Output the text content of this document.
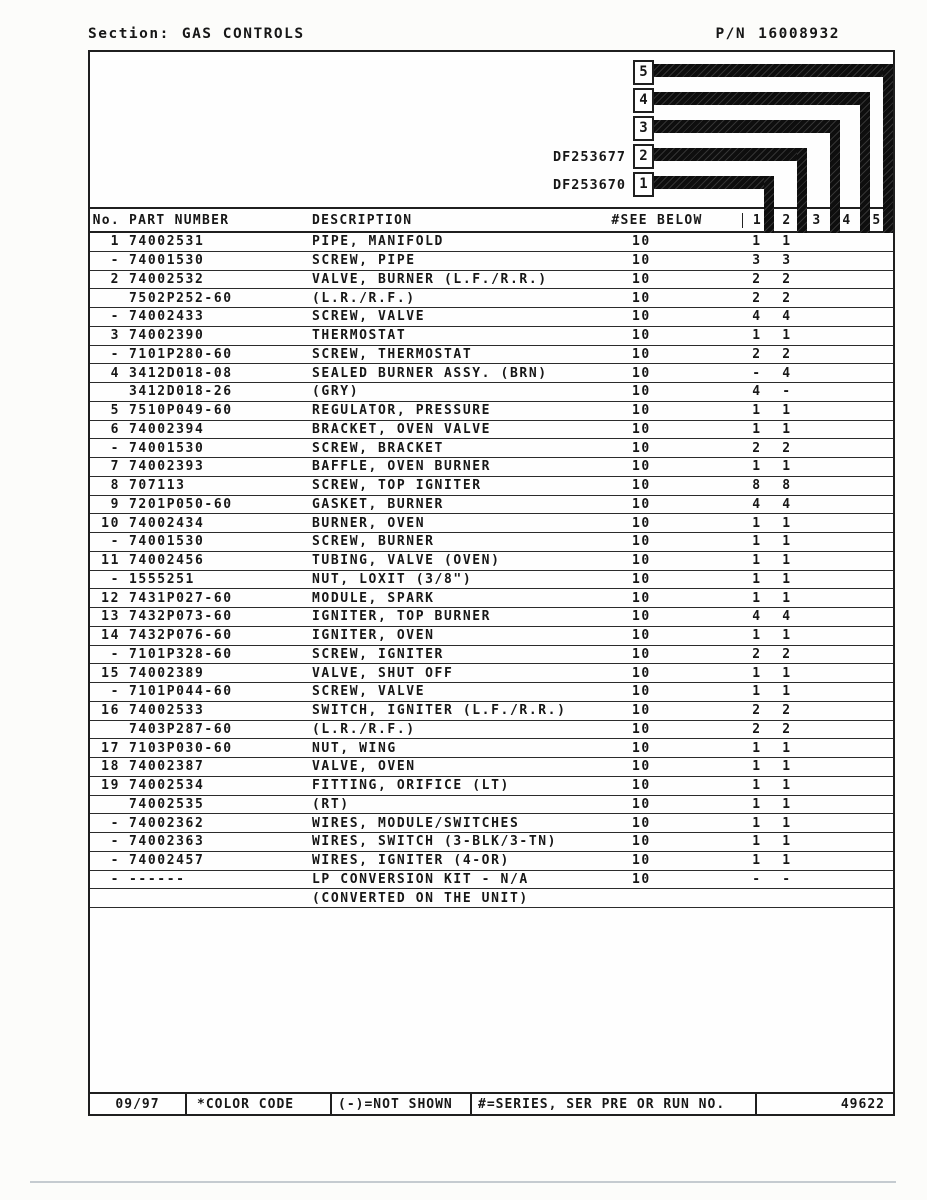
Section: GAS CONTROLS	P/N 16008932
5
4
3
2
1
DF253677
DF253670
No. PART NUMBER	DESCRIPTION	#SEE BELOW	1	2	3	4	5
1 74002531	PIPE, MANIFOLD	10	1	1
- 74001530	SCREW, PIPE	10	3	3
2 74002532	VALVE, BURNER (L.F./R.R.)	10	2	2
7502P252-60	(L.R./R.F.)	10	2	2
- 74002433	SCREW, VALVE	10	4	4
3 74002390	THERMOSTAT	10	1	1
- 7101P280-60	SCREW, THERMOSTAT	10	2	2
4 3412D018-08	SEALED BURNER ASSY. (BRN)	10	-	4
3412D018-26	(GRY)	10	4	-
5 7510P049-60	REGULATOR, PRESSURE	10	1	1
6 74002394	BRACKET, OVEN VALVE	10	1	1
- 74001530	SCREW, BRACKET	10	2	2
7 74002393	BAFFLE, OVEN BURNER	10	1	1
8 707113	SCREW, TOP IGNITER	10	8	8
9 7201P050-60	GASKET, BURNER	10	4	4
10 74002434	BURNER, OVEN	10	1	1
- 74001530	SCREW, BURNER	10	1	1
11 74002456	TUBING, VALVE (OVEN)	10	1	1
- 1555251	NUT, LOXIT (3/8")	10	1	1
12 7431P027-60	MODULE, SPARK	10	1	1
13 7432P073-60	IGNITER, TOP BURNER	10	4	4
14 7432P076-60	IGNITER, OVEN	10	1	1
- 7101P328-60	SCREW, IGNITER	10	2	2
15 74002389	VALVE, SHUT OFF	10	1	1
- 7101P044-60	SCREW, VALVE	10	1	1
16 74002533	SWITCH, IGNITER (L.F./R.R.)	10	2	2
7403P287-60	(L.R./R.F.)	10	2	2
17 7103P030-60	NUT, WING	10	1	1
18 74002387	VALVE, OVEN	10	1	1
19 74002534	FITTING, ORIFICE (LT)	10	1	1
74002535	(RT)	10	1	1
- 74002362	WIRES, MODULE/SWITCHES	10	1	1
- 74002363	WIRES, SWITCH (3-BLK/3-TN)	10	1	1
- 74002457	WIRES, IGNITER (4-OR)	10	1	1
- ------	LP CONVERSION KIT - N/A	10	-	-
(CONVERTED ON THE UNIT)
09/97	*COLOR CODE	(-)=NOT SHOWN	#=SERIES, SER PRE OR RUN NO.	49622
